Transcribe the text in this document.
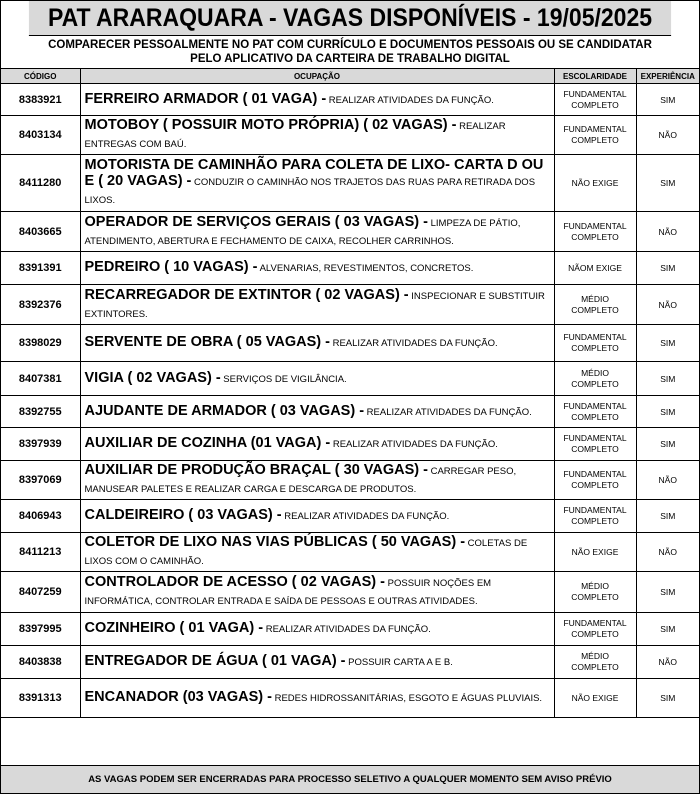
PAT ARARAQUARA - VAGAS DISPONÍVEIS - 19/05/2025
COMPARECER PESSOALMENTE NO PAT COM CURRÍCULO E DOCUMENTOS PESSOAIS OU SE CANDIDATAR
PELO APLICATIVO DA CARTEIRA DE TRABALHO DIGITAL
CÓDIGO	OCUPAÇÃO	ESCOLARIDADE	EXPERIÊNCIA
8383921	FERREIRO ARMADOR ( 01 VAGA) - REALIZAR ATIVIDADES DA FUNÇÃO.	FUNDAMENTAL COMPLETO	SIM
8403134	MOTOBOY ( POSSUIR MOTO PRÓPRIA) ( 02 VAGAS) - REALIZAR ENTREGAS COM BAÚ.	FUNDAMENTAL COMPLETO	NÃO
8411280	MOTORISTA DE CAMINHÃO PARA COLETA DE LIXO- CARTA D OU E ( 20 VAGAS) - CONDUZIR O CAMINHÃO NOS TRAJETOS DAS RUAS PARA RETIRADA DOS LIXOS.	NÃO EXIGE	SIM
8403665	OPERADOR DE SERVIÇOS GERAIS ( 03 VAGAS) - LIMPEZA DE PÁTIO, ATENDIMENTO, ABERTURA E FECHAMENTO DE CAIXA, RECOLHER CARRINHOS.	FUNDAMENTAL COMPLETO	NÃO
8391391	PEDREIRO ( 10 VAGAS) - ALVENARIAS, REVESTIMENTOS, CONCRETOS.	NÃOM EXIGE	SIM
8392376	RECARREGADOR DE EXTINTOR ( 02 VAGAS) - INSPECIONAR E SUBSTITUIR EXTINTORES.	MÉDIO COMPLETO	NÃO
8398029	SERVENTE DE OBRA ( 05 VAGAS) - REALIZAR ATIVIDADES DA FUNÇÃO.	FUNDAMENTAL COMPLETO	SIM
8407381	VIGIA ( 02 VAGAS) - SERVIÇOS DE VIGILÂNCIA.	MÉDIO COMPLETO	SIM
8392755	AJUDANTE DE ARMADOR ( 03 VAGAS) - REALIZAR ATIVIDADES DA FUNÇÃO.	FUNDAMENTAL COMPLETO	SIM
8397939	AUXILIAR DE COZINHA (01 VAGA) - REALIZAR ATIVIDADES DA FUNÇÃO.	FUNDAMENTAL COMPLETO	SIM
8397069	AUXILIAR DE PRODUÇÃO BRAÇAL ( 30 VAGAS) - CARREGAR PESO, MANUSEAR PALETES E REALIZAR CARGA E DESCARGA DE PRODUTOS.	FUNDAMENTAL COMPLETO	NÃO
8406943	CALDEIREIRO ( 03 VAGAS) - REALIZAR ATIVIDADES DA FUNÇÃO.	FUNDAMENTAL COMPLETO	SIM
8411213	COLETOR DE LIXO NAS VIAS PÚBLICAS ( 50 VAGAS) - COLETAS DE LIXOS COM O CAMINHÃO.	NÃO EXIGE	NÃO
8407259	CONTROLADOR DE ACESSO ( 02 VAGAS) - POSSUIR NOÇÕES EM INFORMÁTICA, CONTROLAR ENTRADA E SAÍDA DE PESSOAS E OUTRAS ATIVIDADES.	MÉDIO COMPLETO	SIM
8397995	COZINHEIRO ( 01 VAGA) - REALIZAR ATIVIDADES DA FUNÇÃO.	FUNDAMENTAL COMPLETO	SIM
8403838	ENTREGADOR DE ÁGUA ( 01 VAGA) - POSSUIR CARTA A E B.	MÉDIO COMPLETO	NÃO
8391313	ENCANADOR (03 VAGAS) - REDES HIDROSSANITÁRIAS, ESGOTO E ÁGUAS PLUVIAIS.	NÃO EXIGE	SIM
AS VAGAS PODEM SER ENCERRADAS PARA PROCESSO SELETIVO A QUALQUER MOMENTO SEM AVISO PRÉVIO
